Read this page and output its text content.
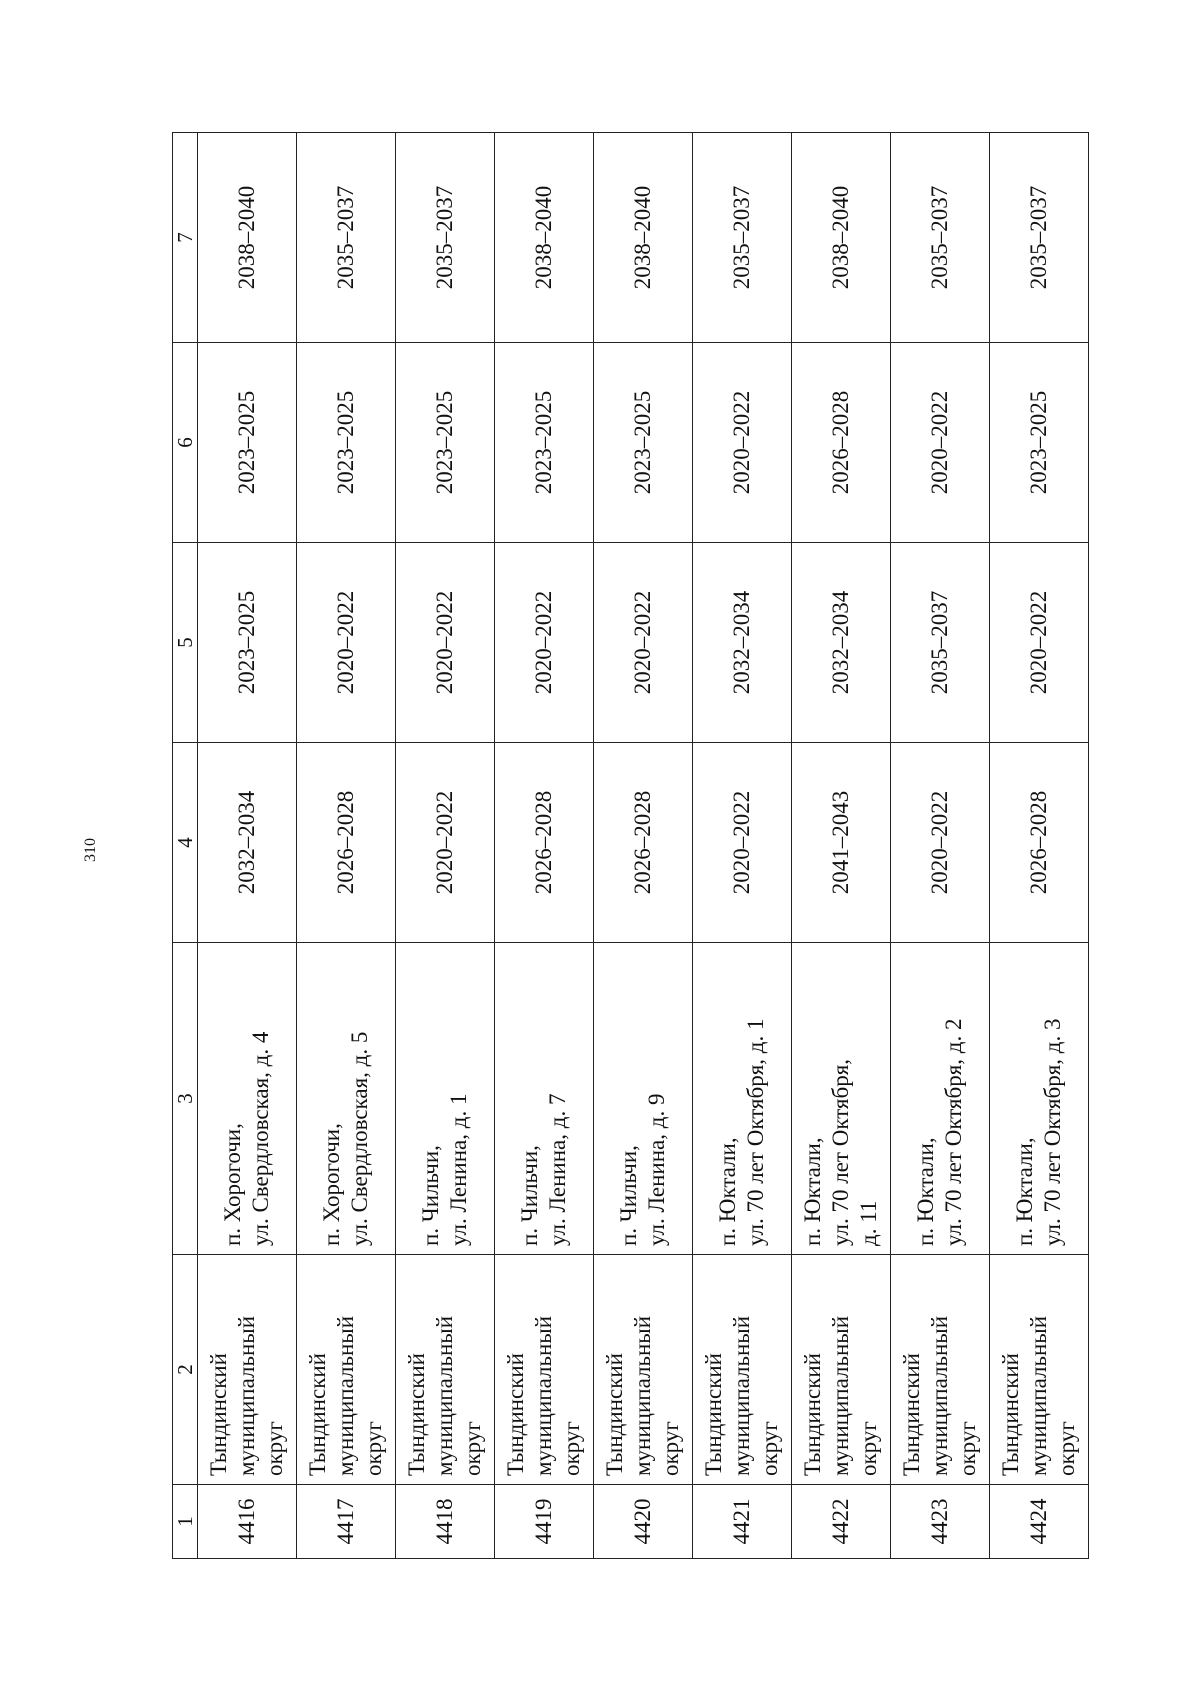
310
1	2	3	4	5	6	7
4416	Тындинский муниципальный округ	п. Хорогочи, ул. Свердловская, д. 4	2032–2034	2023–2025	2023–2025	2038–2040
4417	Тындинский муниципальный округ	п. Хорогочи, ул. Свердловская, д. 5	2026–2028	2020–2022	2023–2025	2035–2037
4418	Тындинский муниципальный округ	п. Чильчи, ул. Ленина, д. 1	2020–2022	2020–2022	2023–2025	2035–2037
4419	Тындинский муниципальный округ	п. Чильчи, ул. Ленина, д. 7	2026–2028	2020–2022	2023–2025	2038–2040
4420	Тындинский муниципальный округ	п. Чильчи, ул. Ленина, д. 9	2026–2028	2020–2022	2023–2025	2038–2040
4421	Тындинский муниципальный округ	п. Юктали, ул. 70 лет Октября, д. 1	2020–2022	2032–2034	2020–2022	2035–2037
4422	Тындинский муниципальный округ	п. Юктали, ул. 70 лет Октября, д. 11	2041–2043	2032–2034	2026–2028	2038–2040
4423	Тындинский муниципальный округ	п. Юктали, ул. 70 лет Октября, д. 2	2020–2022	2035–2037	2020–2022	2035–2037
4424	Тындинский муниципальный округ	п. Юктали, ул. 70 лет Октября, д. 3	2026–2028	2020–2022	2023–2025	2035–2037
